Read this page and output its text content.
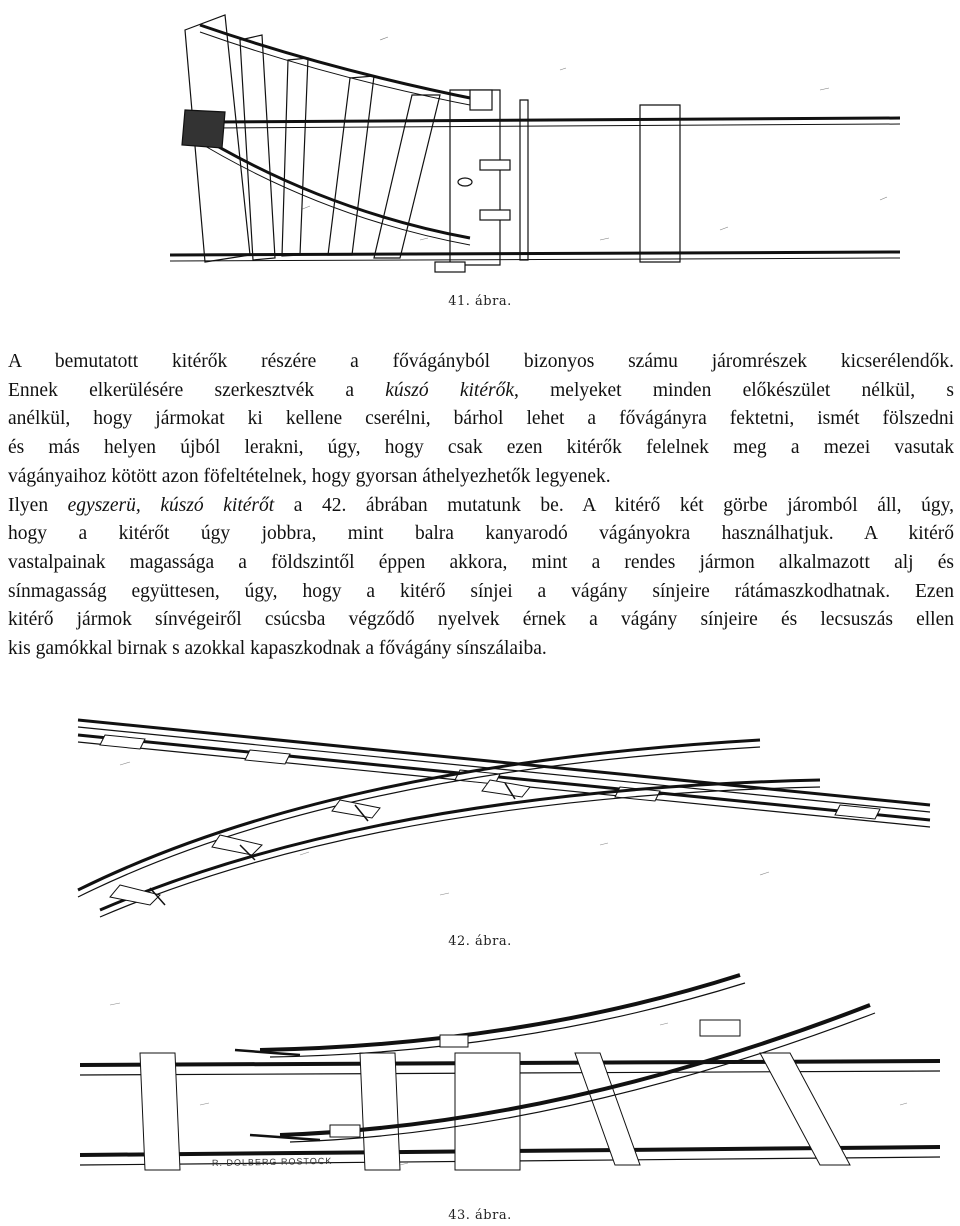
41. ábra.

A bemutatott kitérők részére a fővágányból bizonyos számu járomrészek kicserélendők.
Ennek elkerülésére szerkesztvék a kúszó kitérők, melyeket minden előkészület nélkül, s
anélkül, hogy jármokat ki kellene cserélni, bárhol lehet a fővágányra fektetni, ismét fölszedni
és más helyen újból lerakni, úgy, hogy csak ezen kitérők felelnek meg a mezei vasutak
vágányaihoz kötött azon föfeltételnek, hogy gyorsan áthelyezhetők legyenek.

Ilyen egyszerü, kúszó kitérőt a 42. ábrában mutatunk be. A kitérő két görbe járomból áll, úgy,
hogy a kitérőt úgy jobbra, mint balra kanyarodó vágányokra használhatjuk. A kitérő
vastalpainak magassága a földszintől éppen akkora, mint a rendes jármon alkalmazott alj és
sínmagasság együttesen, úgy, hogy a kitérő sínjei a vágány sínjeire rátámaszkodhatnak. Ezen
kitérő jármok sínvégeiről csúcsba végződő nyelvek érnek a vágány sínjeire és lecsuszás ellen
kis gamókkal birnak s azokkal kapaszkodnak a fővágány sínszálaiba.

42. ábra.
R. DOLBERG ROSTOCK
43. ábra.
